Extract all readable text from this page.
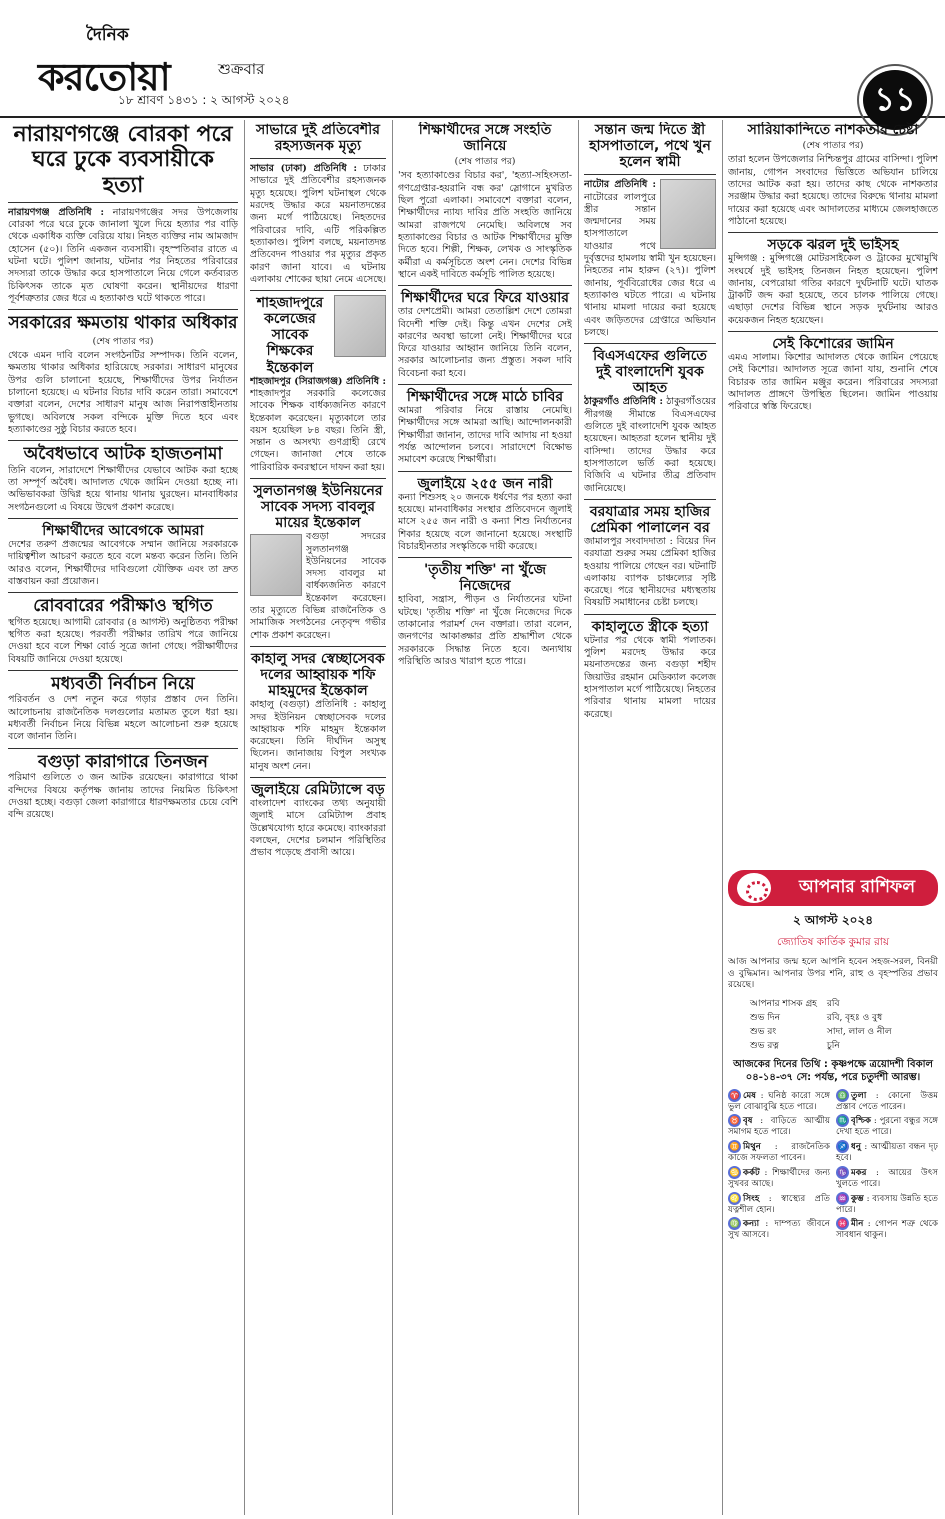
দৈনিক
করতোয়া	শুক্রবার
১৮ শ্রাবণ ১৪৩১ : ২ আগস্ট ২০২৪	১১
নারায়ণগঞ্জে বোরকা পরে ঘরে ঢুকে ব্যবসায়ীকে হত্যা

নারায়ণগঞ্জ প্রতিনিধি : নারায়ণগঞ্জের সদর উপজেলায় বোরকা পরে ঘরে ঢুকে জানালা খুলে দিয়ে হত্যার পর বাড়ি থেকে একাধিক ব্যক্তি বেরিয়ে যায়। নিহত ব্যক্তির নাম আমজাদ হোসেন (৫০)। তিনি একজন ব্যবসায়ী। বৃহস্পতিবার রাতে এ ঘটনা ঘটে। পুলিশ জানায়, ঘটনার পর নিহতের পরিবারের সদস্যরা তাকে উদ্ধার করে হাসপাতালে নিয়ে গেলে কর্তব্যরত চিকিৎসক তাকে মৃত ঘোষণা করেন। স্থানীয়দের ধারণা পূর্বশত্রুতার জের ধরে এ হত্যাকাণ্ড ঘটে থাকতে পারে।

সরকারের ক্ষমতায় থাকার অধিকার
(শেষ পাতার পর)

থেকে এমন দাবি বলেন সংগঠনটির সম্পাদক। তিনি বলেন, ক্ষমতায় থাকার অধিকার হারিয়েছে সরকার। সাধারণ মানুষের উপর গুলি চালানো হয়েছে, শিক্ষার্থীদের উপর নির্যাতন চালানো হয়েছে। এ ঘটনার বিচার দাবি করেন তারা। সমাবেশে বক্তারা বলেন, দেশের সাধারণ মানুষ আজ নিরাপত্তাহীনতায় ভুগছে। অবিলম্বে সকল বন্দিকে মুক্তি দিতে হবে এবং হত্যাকাণ্ডের সুষ্ঠু বিচার করতে হবে।

অবৈধভাবে আটক হাজতনামা

তিনি বলেন, সারাদেশে শিক্ষার্থীদের যেভাবে আটক করা হচ্ছে তা সম্পূর্ণ অবৈধ। আদালত থেকে জামিন দেওয়া হচ্ছে না। অভিভাবকরা উদ্বিগ্ন হয়ে থানায় থানায় ঘুরছেন। মানবাধিকার সংগঠনগুলো এ বিষয়ে উদ্বেগ প্রকাশ করেছে।

শিক্ষার্থীদের আবেগকে আমরা

দেশের তরুণ প্রজন্মের আবেগকে সম্মান জানিয়ে সরকারকে দায়িত্বশীল আচরণ করতে হবে বলে মন্তব্য করেন তিনি। তিনি আরও বলেন, শিক্ষার্থীদের দাবিগুলো যৌক্তিক এবং তা দ্রুত বাস্তবায়ন করা প্রয়োজন।

রোববারের পরীক্ষাও স্থগিত

স্থগিত হয়েছে। আগামী রোববার (৪ আগস্ট) অনুষ্ঠিতব্য পরীক্ষা স্থগিত করা হয়েছে। পরবর্তী পরীক্ষার তারিখ পরে জানিয়ে দেওয়া হবে বলে শিক্ষা বোর্ড সূত্রে জানা গেছে। পরীক্ষার্থীদের বিষয়টি জানিয়ে দেওয়া হয়েছে।

মধ্যবর্তী নির্বাচন নিয়ে

পরিবর্তন ও দেশ নতুন করে গড়ার প্রস্তাব দেন তিনি। আলোচনায় রাজনৈতিক দলগুলোর মতামত তুলে ধরা হয়। মধ্যবর্তী নির্বাচন নিয়ে বিভিন্ন মহলে আলোচনা শুরু হয়েছে বলে জানান তিনি।

বগুড়া কারাগারে তিনজন

পরিমাণ গুলিতে ৩ জন আটক রয়েছেন। কারাগারে থাকা বন্দিদের বিষয়ে কর্তৃপক্ষ জানায় তাদের নিয়মিত চিকিৎসা দেওয়া হচ্ছে। বগুড়া জেলা কারাগারে ধারণক্ষমতার চেয়ে বেশি বন্দি রয়েছে।

সাভারে দুই প্রতিবেশীর রহস্যজনক মৃত্যু

সাভার (ঢাকা) প্রতিনিধি : ঢাকার সাভারে দুই প্রতিবেশীর রহস্যজনক মৃত্যু হয়েছে। পুলিশ ঘটনাস্থল থেকে মরদেহ উদ্ধার করে ময়নাতদন্তের জন্য মর্গে পাঠিয়েছে। নিহতদের পরিবারের দাবি, এটি পরিকল্পিত হত্যাকাণ্ড। পুলিশ বলছে, ময়নাতদন্ত প্রতিবেদন পাওয়ার পর মৃত্যুর প্রকৃত কারণ জানা যাবে। এ ঘটনায় এলাকায় শোকের ছায়া নেমে এসেছে।

শাহজাদপুরে কলেজের সাবেক শিক্ষকের ইন্তেকাল

শাহজাদপুর (সিরাজগঞ্জ) প্রতিনিধি : শাহজাদপুর সরকারি কলেজের সাবেক শিক্ষক বার্ধক্যজনিত কারণে ইন্তেকাল করেছেন। মৃত্যুকালে তার বয়স হয়েছিল ৮৪ বছর। তিনি স্ত্রী, সন্তান ও অসংখ্য গুণগ্রাহী রেখে গেছেন। জানাজা শেষে তাকে পারিবারিক কবরস্থানে দাফন করা হয়।

সুলতানগঞ্জ ইউনিয়নের সাবেক সদস্য বাবলুর মায়ের ইন্তেকাল

বগুড়া সদরের সুলতানগঞ্জ ইউনিয়নের সাবেক সদস্য বাবলুর মা বার্ধক্যজনিত কারণে ইন্তেকাল করেছেন। তার মৃত্যুতে বিভিন্ন রাজনৈতিক ও সামাজিক সংগঠনের নেতৃবৃন্দ গভীর শোক প্রকাশ করেছেন।

কাহালু সদর স্বেচ্ছাসেবক দলের আহ্বায়ক শফি মাহমুদের ইন্তেকাল

কাহালু (বগুড়া) প্রতিনিধি : কাহালু সদর ইউনিয়ন স্বেচ্ছাসেবক দলের আহ্বায়ক শফি মাহমুদ ইন্তেকাল করেছেন। তিনি দীর্ঘদিন অসুস্থ ছিলেন। জানাজায় বিপুল সংখ্যক মানুষ অংশ নেন।

জুলাইয়ে রেমিট্যান্সে বড়

বাংলাদেশ ব্যাংকের তথ্য অনুযায়ী জুলাই মাসে রেমিট্যান্স প্রবাহ উল্লেখযোগ্য হারে কমেছে। ব্যাংকাররা বলছেন, দেশের চলমান পরিস্থিতির প্রভাব পড়েছে প্রবাসী আয়ে।

শিক্ষার্থীদের সঙ্গে সংহতি জানিয়ে
(শেষ পাতার পর)

'সব হত্যাকাণ্ডের বিচার কর', 'হত্যা-সহিংসতা-গণগ্রেপ্তার-হয়রানি বন্ধ কর' স্লোগানে মুখরিত ছিল পুরো এলাকা। সমাবেশে বক্তারা বলেন, শিক্ষার্থীদের ন্যায্য দাবির প্রতি সংহতি জানিয়ে আমরা রাজপথে নেমেছি। অবিলম্বে সব হত্যাকাণ্ডের বিচার ও আটক শিক্ষার্থীদের মুক্তি দিতে হবে। শিল্পী, শিক্ষক, লেখক ও সাংস্কৃতিক কর্মীরা এ কর্মসূচিতে অংশ নেন। দেশের বিভিন্ন স্থানে একই দাবিতে কর্মসূচি পালিত হয়েছে।

শিক্ষার্থীদের ঘরে ফিরে যাওয়ার

তার দেশপ্রেমী। আমরা তেতাল্লিশ দেশে তোমরা বিদেশী শক্তি দেই। কিন্তু এখন দেশের সেই কারণের অবস্থা ভালো নেই। শিক্ষার্থীদের ঘরে ফিরে যাওয়ার আহ্বান জানিয়ে তিনি বলেন, সরকার আলোচনার জন্য প্রস্তুত। সকল দাবি বিবেচনা করা হবে।

শিক্ষার্থীদের সঙ্গে মাঠে চাবির

আমরা পরিবার নিয়ে রাস্তায় নেমেছি। শিক্ষার্থীদের সঙ্গে আমরা আছি। আন্দোলনকারী শিক্ষার্থীরা জানান, তাদের দাবি আদায় না হওয়া পর্যন্ত আন্দোলন চলবে। সারাদেশে বিক্ষোভ সমাবেশ করেছে শিক্ষার্থীরা।

জুলাইয়ে ২৫৫ জন নারী

কন্যা শিশুসহ ২০ জনকে ধর্ষণের পর হত্যা করা হয়েছে। মানবাধিকার সংস্থার প্রতিবেদনে জুলাই মাসে ২৫৫ জন নারী ও কন্যা শিশু নির্যাতনের শিকার হয়েছে বলে জানানো হয়েছে। সংস্থাটি বিচারহীনতার সংস্কৃতিকে দায়ী করেছে।

'তৃতীয় শক্তি' না খুঁজে নিজেদের

হাবিবা, সন্ত্রাস, পীড়ন ও নির্যাতনের ঘটনা ঘটছে। 'তৃতীয় শক্তি' না খুঁজে নিজেদের দিকে তাকানোর পরামর্শ দেন বক্তারা। তারা বলেন, জনগণের আকাঙ্ক্ষার প্রতি শ্রদ্ধাশীল থেকে সরকারকে সিদ্ধান্ত নিতে হবে। অন্যথায় পরিস্থিতি আরও খারাপ হতে পারে।

সন্তান জন্ম দিতে স্ত্রী হাসপাতালে, পথে খুন হলেন স্বামী

নাটোর প্রতিনিধি : নাটোরের লালপুরে স্ত্রীর সন্তান জন্মদানের সময় হাসপাতালে যাওয়ার পথে দুর্বৃত্তদের হামলায় স্বামী খুন হয়েছেন। নিহতের নাম হারুন (২৭)। পুলিশ জানায়, পূর্ববিরোধের জের ধরে এ হত্যাকাণ্ড ঘটতে পারে। এ ঘটনায় থানায় মামলা দায়ের করা হয়েছে এবং জড়িতদের গ্রেপ্তারে অভিযান চলছে।

বিএসএফের গুলিতে দুই বাংলাদেশি যুবক আহত

ঠাকুরগাঁও প্রতিনিধি : ঠাকুরগাঁওয়ের পীরগঞ্জ সীমান্তে বিএসএফের গুলিতে দুই বাংলাদেশি যুবক আহত হয়েছেন। আহতরা হলেন স্থানীয় দুই বাসিন্দা। তাদের উদ্ধার করে হাসপাতালে ভর্তি করা হয়েছে। বিজিবি এ ঘটনার তীব্র প্রতিবাদ জানিয়েছে।

বরযাত্রার সময় হাজির প্রেমিকা পালালেন বর

জামালপুর সংবাদদাতা : বিয়ের দিন বরযাত্রা শুরুর সময় প্রেমিকা হাজির হওয়ায় পালিয়ে গেছেন বর। ঘটনাটি এলাকায় ব্যাপক চাঞ্চল্যের সৃষ্টি করেছে। পরে স্থানীয়দের মধ্যস্থতায় বিষয়টি সমাধানের চেষ্টা চলছে।

কাহালুতে স্ত্রীকে হত্যা

ঘটনার পর থেকে স্বামী পলাতক। পুলিশ মরদেহ উদ্ধার করে ময়নাতদন্তের জন্য বগুড়া শহীদ জিয়াউর রহমান মেডিক্যাল কলেজ হাসপাতাল মর্গে পাঠিয়েছে। নিহতের পরিবার থানায় মামলা দায়ের করেছে।

সারিয়াকান্দিতে নাশকতার চেষ্টা
(শেষ পাতার পর)

তারা হলেন উপজেলার নিশ্চিন্তপুর গ্রামের বাসিন্দা। পুলিশ জানায়, গোপন সংবাদের ভিত্তিতে অভিযান চালিয়ে তাদের আটক করা হয়। তাদের কাছ থেকে নাশকতার সরঞ্জাম উদ্ধার করা হয়েছে। তাদের বিরুদ্ধে থানায় মামলা দায়ের করা হয়েছে এবং আদালতের মাধ্যমে জেলহাজতে পাঠানো হয়েছে।

সড়কে ঝরল দুই ভাইসহ

মুন্সিগঞ্জ : মুন্সিগঞ্জে মোটরসাইকেল ও ট্রাকের মুখোমুখি সংঘর্ষে দুই ভাইসহ তিনজন নিহত হয়েছেন। পুলিশ জানায়, বেপরোয়া গতির কারণে দুর্ঘটনাটি ঘটে। ঘাতক ট্রাকটি জব্দ করা হয়েছে, তবে চালক পালিয়ে গেছে। এছাড়া দেশের বিভিন্ন স্থানে সড়ক দুর্ঘটনায় আরও কয়েকজন নিহত হয়েছেন।

সেই কিশোরের জামিন

এমএ সালাম। কিশোর আদালত থেকে জামিন পেয়েছে সেই কিশোর। আদালত সূত্রে জানা যায়, শুনানি শেষে বিচারক তার জামিন মঞ্জুর করেন। পরিবারের সদস্যরা আদালত প্রাঙ্গণে উপস্থিত ছিলেন। জামিন পাওয়ায় পরিবারে স্বস্তি ফিরেছে।

আপনার রাশিফল
২ আগস্ট ২০২৪
জ্যোতিষ কার্তিক কুমার রায়
আজ আপনার জন্ম হলে আপনি হবেন সহজ-সরল, বিনয়ী ও বুদ্ধিমান। আপনার উপর শনি, রাহু ও বৃহস্পতির প্রভাব রয়েছে।
আপনার শাসক গ্রহ	রবি
শুভ দিন	রবি, বৃহঃ ও বুধ
শুভ রং	সাদা, লাল ও নীল
শুভ রত্ন	চুনি
আজকের দিনের তিথি : কৃষ্ণপক্ষে ত্রয়োদশী বিকাল ০৪-১৪-৩৭ সে: পর্যন্ত, পরে চতুর্দশী আরম্ভ।
♈ মেষ : ঘনিষ্ঠ কারো সঙ্গে ভুল বোঝাবুঝি হতে পারে।
♎ তুলা : কোনো উত্তম প্রস্তাব পেতে পারেন।
♉ বৃষ : বাড়িতে আত্মীয় সমাগম হতে পারে।
♏ বৃশ্চিক : পুরনো বন্ধুর সঙ্গে দেখা হতে পারে।
♊ মিথুন : রাজনৈতিক কাজে সফলতা পাবেন।
♐ ধনু : আত্মীয়তা বন্ধন দৃঢ় হবে।
♋ কর্কট : শিক্ষার্থীদের জন্য সুখবর আছে।
♑ মকর : আয়ের উৎস খুলতে পারে।
♌ সিংহ : স্বাস্থ্যের প্রতি যত্নশীল হোন।
♒ কুম্ভ : ব্যবসায় উন্নতি হতে পারে।
♍ কন্যা : দাম্পত্য জীবনে সুখ আসবে।
♓ মীন : গোপন শত্রু থেকে সাবধান থাকুন।
